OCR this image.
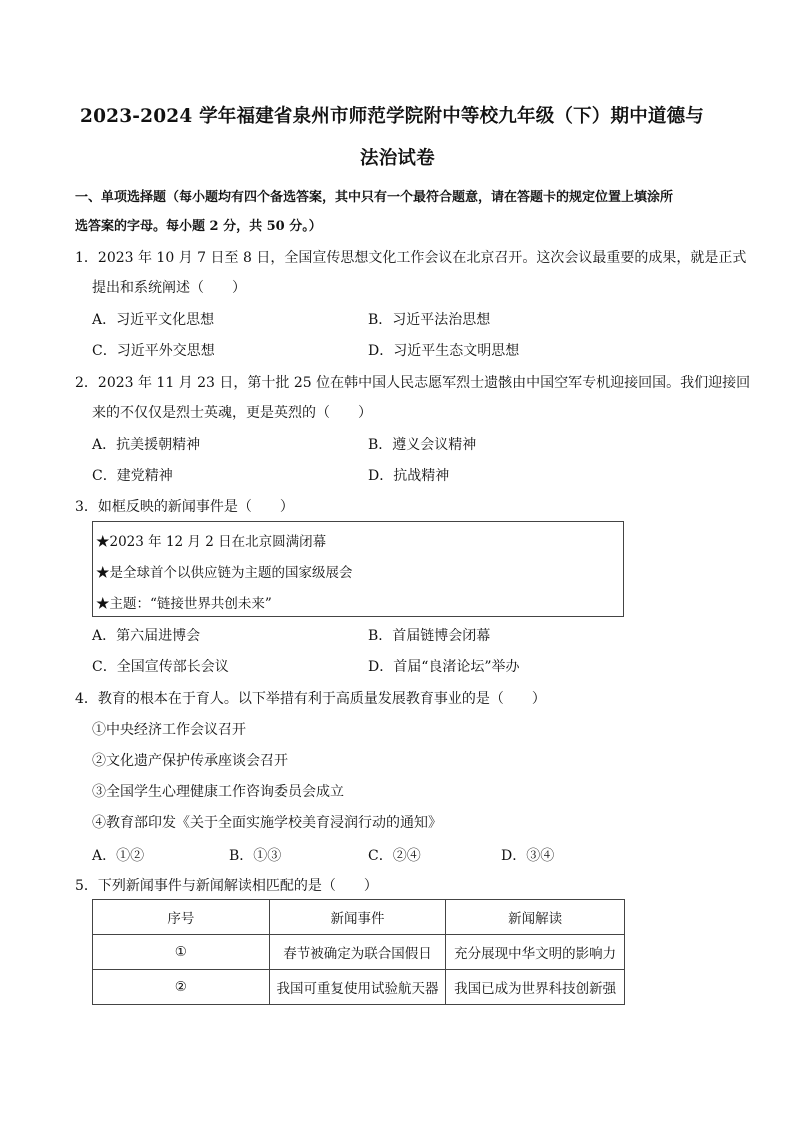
2023-2024 学年福建省泉州市师范学院附中等校九年级（下）期中道德与
法治试卷
一、单项选择题（每小题均有四个备选答案，其中只有一个最符合题意，请在答题卡的规定位置上填涂所
选答案的字母。每小题 2 分，共 50 分。）
1．2023 年 10 月 7 日至 8 日，全国宣传思想文化工作会议在北京召开。这次会议最重要的成果，就是正式
提出和系统阐述（　　）
A．习近平文化思想	B．习近平法治思想
C．习近平外交思想	D．习近平生态文明思想
2．2023 年 11 月 23 日，第十批 25 位在韩中国人民志愿军烈士遗骸由中国空军专机迎接回国。我们迎接回
来的不仅仅是烈士英魂，更是英烈的（　　）
A．抗美援朝精神	B．遵义会议精神
C．建党精神	D．抗战精神
3．如框反映的新闻事件是（　　）
★2023 年 12 月 2 日在北京圆满闭幕
★是全球首个以供应链为主题的国家级展会
★主题：“链接世界共创未来”
A．第六届进博会	B．首届链博会闭幕
C．全国宣传部长会议	D．首届“良渚论坛”举办
4．教育的根本在于育人。以下举措有利于高质量发展教育事业的是（　　）
①中央经济工作会议召开
②文化遗产保护传承座谈会召开
③全国学生心理健康工作咨询委员会成立
④教育部印发《关于全面实施学校美育浸润行动的通知》
A．①②	B．①③	C．②④	D．③④
5．下列新闻事件与新闻解读相匹配的是（　　）
序号	新闻事件	新闻解读
①	春节被确定为联合国假日	充分展现中华文明的影响力
②	我国可重复使用试验航天器	我国已成为世界科技创新强
